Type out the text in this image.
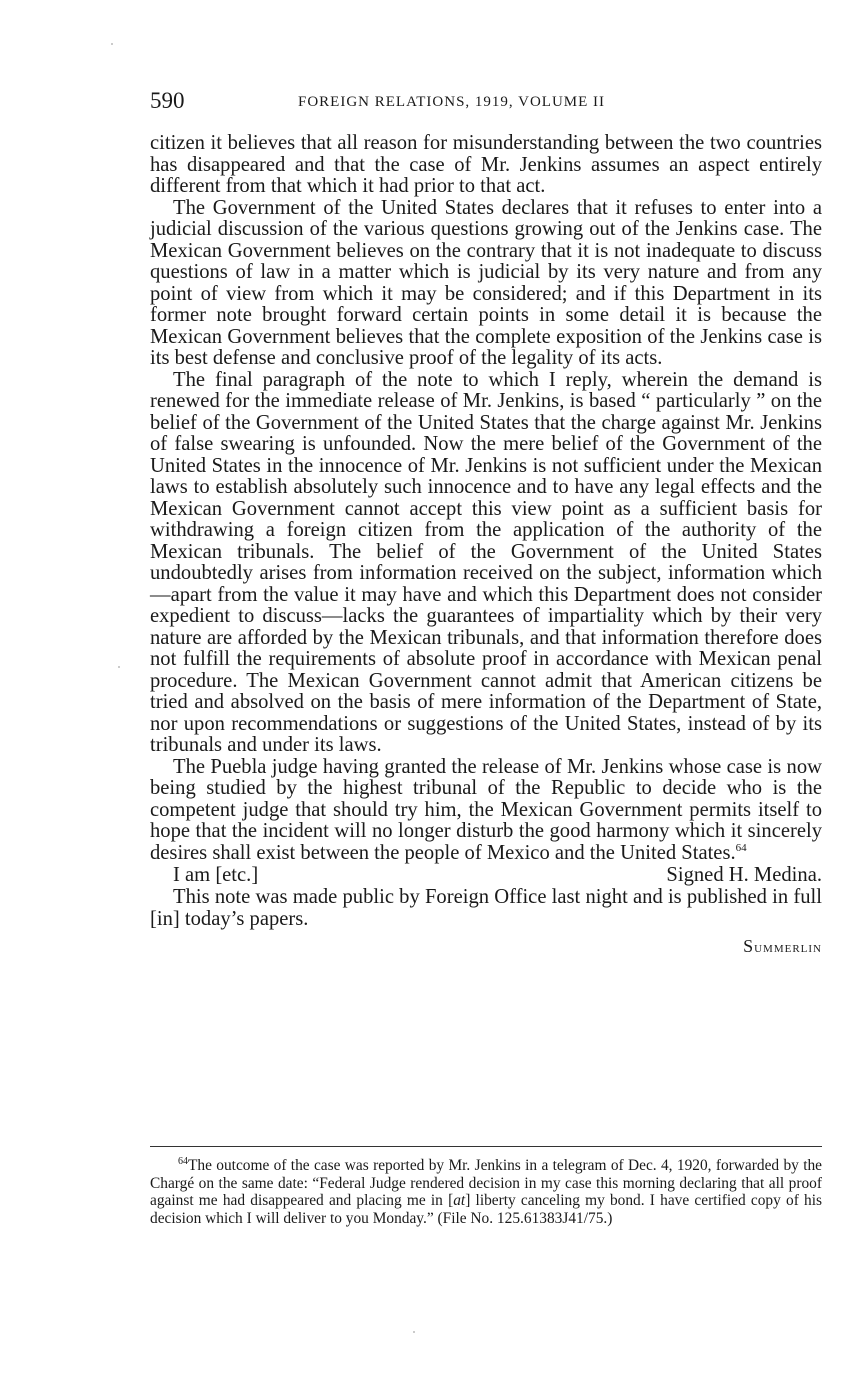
590	FOREIGN RELATIONS, 1919, VOLUME II

citizen it believes that all reason for misunderstanding between the two countries has disappeared and that the case of Mr. Jenkins assumes an aspect entirely different from that which it had prior to that act.

The Government of the United States declares that it refuses to enter into a judicial discussion of the various questions growing out of the Jenkins case. The Mexican Government believes on the contrary that it is not inadequate to discuss questions of law in a matter which is judicial by its very nature and from any point of view from which it may be considered; and if this Department in its former note brought forward certain points in some detail it is because the Mexican Government believes that the complete exposition of the Jenkins case is its best defense and conclusive proof of the legality of its acts.

The final paragraph of the note to which I reply, wherein the demand is renewed for the immediate release of Mr. Jenkins, is based “ particularly ” on the belief of the Government of the United States that the charge against Mr. Jenkins of false swearing is unfounded. Now the mere belief of the Government of the United States in the innocence of Mr. Jenkins is not sufficient under the Mexican laws to establish absolutely such innocence and to have any legal effects and the Mexican Government cannot accept this view point as a sufficient basis for withdrawing a foreign citizen from the application of the authority of the Mexican tribunals. The belief of the Government of the United States undoubtedly arises from information received on the subject, information which—apart from the value it may have and which this Department does not consider expedient to discuss—lacks the guarantees of impartiality which by their very nature are afforded by the Mexican tribunals, and that information therefore does not fulfill the requirements of absolute proof in accordance with Mexican penal procedure. The Mexican Government cannot admit that American citizens be tried and absolved on the basis of mere information of the Department of State, nor upon recommendations or suggestions of the United States, instead of by its tribunals and under its laws.

The Puebla judge having granted the release of Mr. Jenkins whose case is now being studied by the highest tribunal of the Republic to decide who is the competent judge that should try him, the Mexican Government permits itself to hope that the incident will no longer disturb the good harmony which it sincerely desires shall exist between the people of Mexico and the United States.$^{64}$

I am [etc.]	Signed H. Medina.

This note was made public by Foreign Office last night and is published in full [in] today’s papers.

Summerlin
$^{64}$The outcome of the case was reported by Mr. Jenkins in a telegram of Dec. 4, 1920, forwarded by the Chargé on the same date: “Federal Judge rendered decision in my case this morning declaring that all proof against me had disappeared and placing me in [at] liberty canceling my bond. I have certified copy of his decision which I will deliver to you Monday.” (File No. 125.61383J41/75.)
